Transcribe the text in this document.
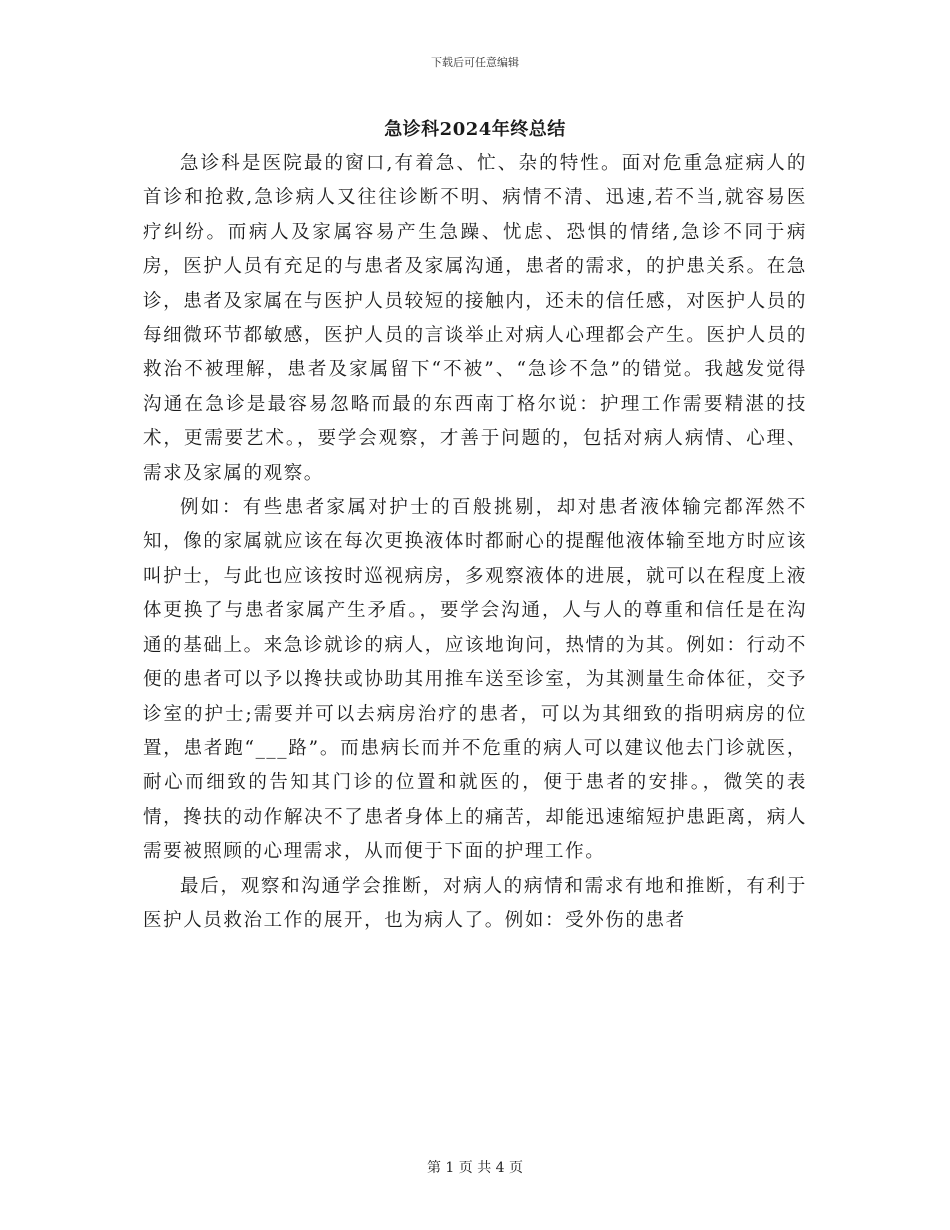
下载后可任意编辑
急诊科2024年终总结

急诊科是医院最的窗口,有着急、忙、杂的特性。面对危重急症病人的首诊和抢救,急诊病人又往往诊断不明、病情不清、迅速,若不当,就容易医疗纠纷。而病人及家属容易产生急躁、忧虑、恐惧的情绪,急诊不同于病房，医护人员有充足的与患者及家属沟通，患者的需求，的护患关系。在急诊，患者及家属在与医护人员较短的接触内，还未的信任感，对医护人员的每细微环节都敏感，医护人员的言谈举止对病人心理都会产生。医护人员的救治不被理解，患者及家属留下“不被”、“急诊不急”的错觉。我越发觉得沟通在急诊是最容易忽略而最的东西南丁格尔说：护理工作需要精湛的技术，更需要艺术。，要学会观察，才善于问题的，包括对病人病情、心理、需求及家属的观察。

例如：有些患者家属对护士的百般挑剔，却对患者液体输完都浑然不知，像的家属就应该在每次更换液体时都耐心的提醒他液体输至地方时应该叫护士，与此也应该按时巡视病房，多观察液体的进展，就可以在程度上液体更换了与患者家属产生矛盾。，要学会沟通，人与人的尊重和信任是在沟通的基础上。来急诊就诊的病人，应该地询问，热情的为其。例如：行动不便的患者可以予以搀扶或协助其用推车送至诊室，为其测量生命体征，交予诊室的护士;需要并可以去病房治疗的患者，可以为其细致的指明病房的位置，患者跑“___路”。而患病长而并不危重的病人可以建议他去门诊就医，耐心而细致的告知其门诊的位置和就医的，便于患者的安排。，微笑的表情，搀扶的动作解决不了患者身体上的痛苦，却能迅速缩短护患距离，病人需要被照顾的心理需求，从而便于下面的护理工作。

最后，观察和沟通学会推断，对病人的病情和需求有地和推断，有利于医护人员救治工作的展开，也为病人了。例如：受外伤的患者

第 1 页 共 4 页
